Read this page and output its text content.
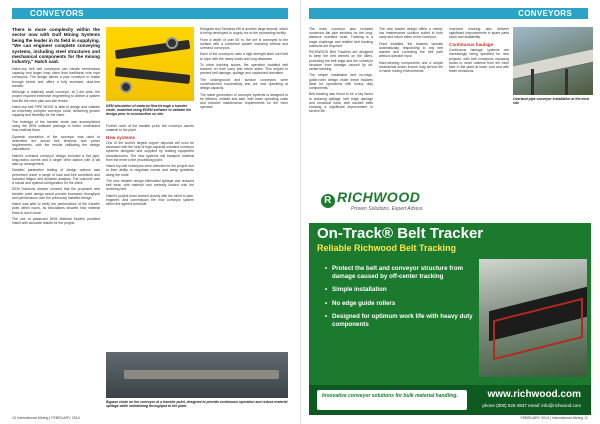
CONVEYORS

There is more complexity within the sector now with Gulf Mining Systems being the leader in its field in supplying. "We can engineer complete conveying systems, including steel structures and mechanical components for the mining industry," Hatch said.

Hatch-top belt belt conveyors can handle tremendous capacity and larger lump sizes than traditional wire rope conveyors. The design allows a pipe conveyor to snake through bends and offers a fully enclosed, dust-free transfer.

Although a relatively small conveyor, at 2.4m wide, the project required extensive engineering to deliver a system that fits the mine plan and site terrain.

Hatch-top belt PIPE MODE is able to design and validate an extremely complex conveyor route, delivering greater capacity and flexibility for the client.

The redesign of the transfer chute was accomplished using the DEM software package to better understand how material flows.

Dynamic simulation of the conveyor was used to determine the actual belt tensions and power requirements, with the results validating the design calculations.

Hatch's overland conveyor design included a flat pipe, long-radius curves and a single drive station with a tail take-up arrangement.

Detailed parametric testing of design options was performed under a range of load and belt conditions and included fatigue and dynamic analysis. The outcome was a robust and optimal configuration for the client.

DEM Solutions director showed that the proposed new transfer point design would provide increased throughput and performance over the previously installed design.

Hatch was able to verify the performance of the transfer point within hours, as simulations showed how material flows in each chute.

The use of advanced DEM Material Models provided Hatch with accurate results for the project.

DEM simulation of material flow through a transfer chute, modelled using EDEM software to validate the design prior to construction on site.

Further north of the transfer point, the conveyor carries material to the plant.

New systems

One of the world's largest copper deposits will soon be accessed with the help of high-capacity overland conveyor systems designed and supplied by leading equipment manufacturers. The new systems will transport material from the mine to the processing plant.

Hatch-top belt conveyors were selected for the project due to their ability to negotiate curves and steep gradients along the route.

The new transfer design eliminated spillage and reduced belt wear, with material now centrally loaded onto the receiving belt.

Hatch's project team worked closely with the client to plan, engineer, and commission the new conveyor system within the agreed schedule.

Mongolia and Tanzania Hill is another large deposit, which is being developed to supply ore to the processing facility.

From a depth of over 60 m, the ore is conveyed to the surface with a combined system including vertical and overland conveyors.

Each of the conveyors uses a high-strength steel cord belt to cope with the heavy loads and long distances.

To solve tracking issues, the operation installed belt trackers on both carry and return sides. This helped to prevent belt damage, spillage and unplanned downtime.

The underground and surface conveyors were commissioned successfully and are now operating at design capacity.

The latest generation of conveyor systems is designed to be efficient, reliable and safe, with lower operating costs and reduced maintenance requirements for the mine operator.

Bypass chute on the conveyor at a transfer point, designed to provide continuous operation and reduce material spillage while maintaining throughput to the plant.
10 International Mining | FEBRUARY 2014
CONVEYORS

The main conveyor also includes numerous flat pipe sections for the long-distance overland route. Tracking is a major challenge and reliable belt tracking solutions are required.

RICHWOOD Belt Trackers are designed to keep the belt centred on the idlers, protecting the belt edge and the conveyor structure from damage caused by off-center tracking.

The simple installation and no-edge-guide-roller design make these trackers ideal for operations with heavy duty components.

Belt tracking was found to be a key factor in reducing spillage, belt edge damage and structural wear, with tracked belts showing a significant improvement in service life.

The new tracker design offers a robust, low maintenance solution suited to both carry and return sides of the conveyor.

Once installed, the trackers operate automatically, responding to any belt wander and correcting the belt path without operator input.

Hard-wearing components and a simple mechanical action ensure long service life in harsh mining environments.

Overland pipe conveyor installation at the mine site

Improved tracking also delivers significant improvements in spare parts stock and availability.

Continuous haulage

Continuous haulage systems are increasingly being specified for new projects, with belt conveyors replacing trucks to move material from the mine face to the plant at lower cost and with fewer emissions.

R RICHWOOD
Proven Solutions. Expert Advice.
On-Track® Belt Tracker
Reliable Richwood Belt Tracking
• Protect the belt and conveyor structure from damage caused by off-center tracking
• Simple installation
• No edge guide rollers
• Designed for optimum work life with heavy duty components
Innovative conveyor solutions for bulk material handling.	www.richwood.com
phone (800) 526-3837 email: info@richwood.com
FEBRUARY 2014 | International Mining 11
